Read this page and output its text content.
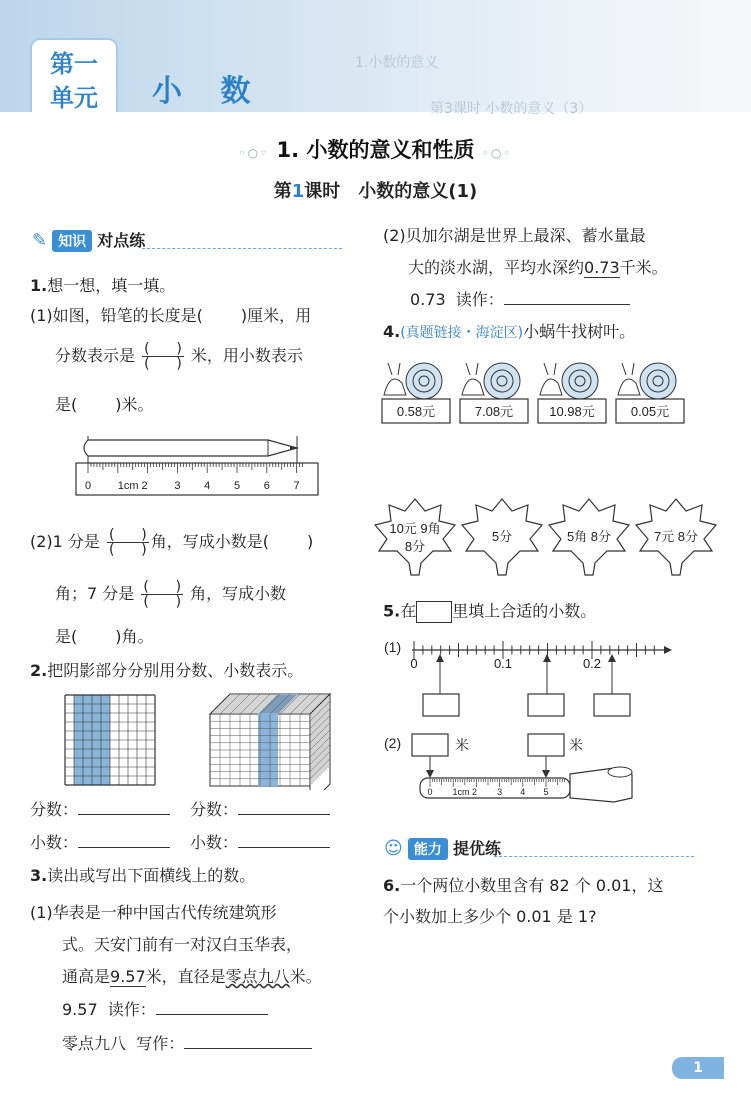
1.小数的意义
第3课时 小数的意义（3）
第一
单元	小 数
◦○◦ 1. 小数的意义和性质 ◦○◦
第1课时　小数的意义(1)
✎ 知识 对点练
1.想一想，填一填。
(1)如图，铅笔的长度是( )厘米，用
分数表示是 $\frac{( )}{( )}$ 米，用小数表示
是( )米。
0 1cm 2 3 4 5 6 7
(2)1 分是 $\frac{( )}{( )}$ 角，写成小数是( )
角；7 分是 $\frac{( )}{( )}$ 角，写成小数
是( )角。
2.把阴影部分分别用分数、小数表示。
分数：	分数：
小数：	小数：
3.读出或写出下面横线上的数。
(1)华表是一种中国古代传统建筑形
式。天安门前有一对汉白玉华表，
通高是9.57米，直径是零点九八米。
9.57 读作：
零点九八 写作：
(2)贝加尔湖是世界上最深、蓄水量最
大的淡水湖，平均水深约0.73千米。
0.73 读作：
4.(真题链接・海淀区)小蜗牛找树叶。
0.58元	7.08元	10.98元	0.05元
10元 9角
8分
5分	5角 8分	7元 8分
5.在 里填上合适的小数。
(1)
0	0.1	0.2
(2)	米	米
0 1cm 2 3 4 5
☺ 能力 提优练
6.一个两位小数里含有 82 个 0.01，这
个小数加上多少个 0.01 是 1?
1
